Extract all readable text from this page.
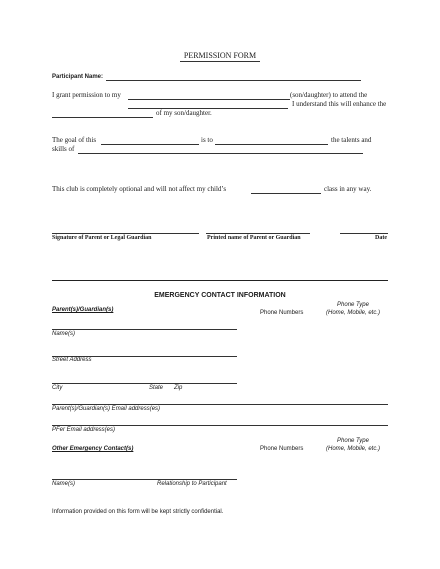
PERMISSION FORM
Participant Name:
I grant permission to my	(son/daughter) to attend the
I understand this will enhance the
of my son/daughter.
The goal of this	is to	the talents and
skills of
This club is completely optional and will not affect my child’s	class in any way.
Signature of Parent or Legal Guardian	Printed name of Parent or Guardian	Date
EMERGENCY CONTACT INFORMATION
Parent(s)/Guardian(s)	Phone Numbers
Phone Type
(Home, Mobile, etc.)
Name(s)
Street Address
City	State Zip
Parent(s)/Guardian(s) Email address(es)
PFer Email address(es)
Other Emergency Contact(s)	Phone Numbers
Phone Type
(Home, Mobile, etc.)
Name(s)	Relationship to Participant
Information provided on this form will be kept strictly confidential.
